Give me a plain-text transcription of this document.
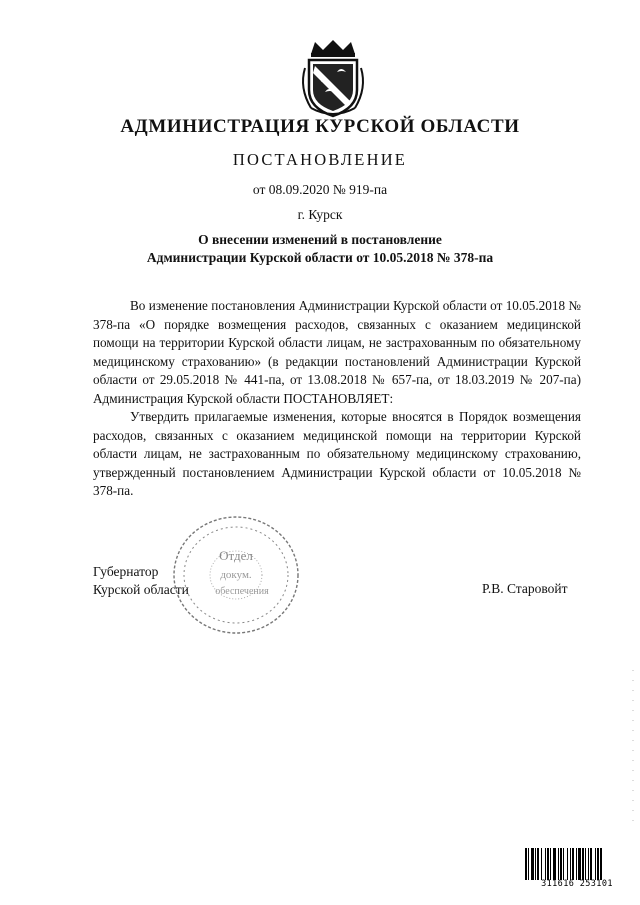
АДМИНИСТРАЦИЯ КУРСКОЙ ОБЛАСТИ
ПОСТАНОВЛЕНИЕ
от 08.09.2020 № 919-па
г. Курск
О внесении изменений в постановление
Администрации Курской области от 10.05.2018 № 378-па

Во изменение постановления Администрации Курской области от 10.05.2018 № 378-па «О порядке возмещения расходов, связанных с оказанием медицинской помощи на территории Курской области лицам, не застрахованным по обязательному медицинскому страхованию» (в редакции постановлений Администрации Курской области от 29.05.2018 № 441-па, от 13.08.2018 № 657-па, от 18.03.2019 № 207-па) Администрация Курской области ПОСТАНОВЛЯЕТ:

Утвердить прилагаемые изменения, которые вносятся в Порядок возмещения расходов, связанных с оказанием медицинской помощи на территории Курской области лицам, не застрахованным по обязательному медицинскому страхованию, утвержденный постановлением Администрации Курской области от 10.05.2018 № 378-па.

Отдел
докум.
обеспечения
Губернатор
Курской области	Р.В. Старовойт
311616 253101
